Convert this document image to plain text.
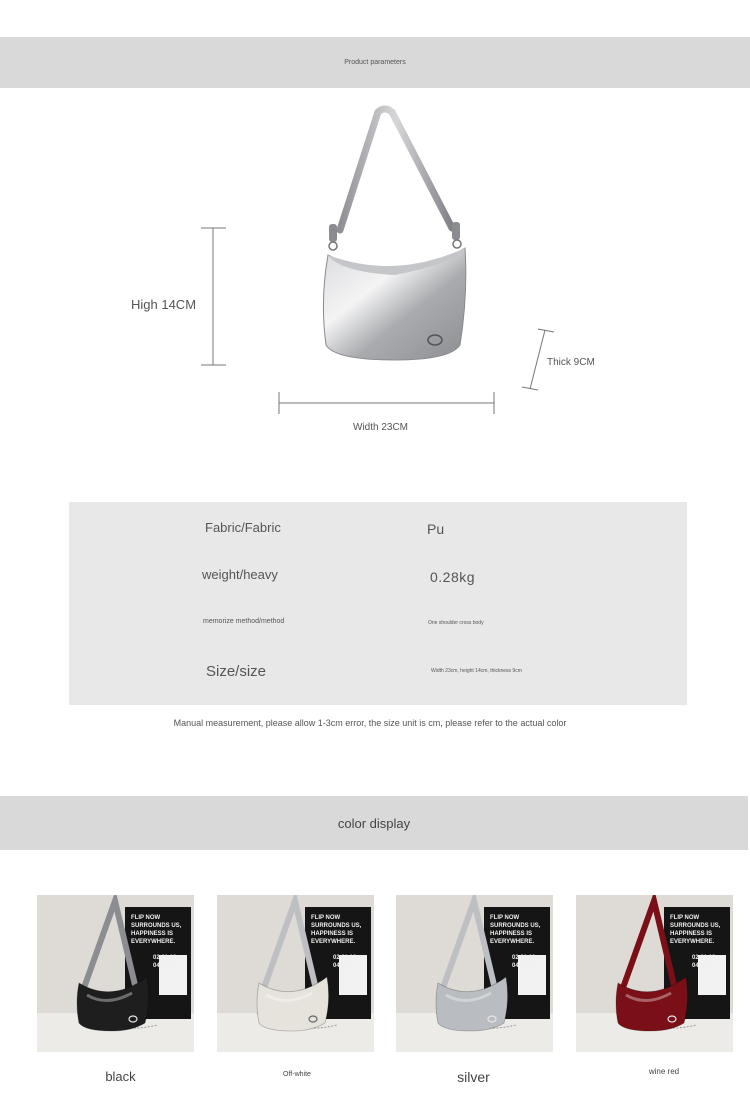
Product parameters
High 14CM
Width 23CM
Thick 9CM
Fabric/Fabric	Pu
weight/heavy	0.28kg
memorize method/method	One shoulder cross body
Size/size	Width 23cm, height 14cm, thickness 9cm
Manual measurement, please allow 1-3cm error, the size unit is cm, please refer to the actual color
color display
FLIP NOW
SURROUNDS US,
HAPPINESS IS
EVERYWHERE.
02 21 19
04 06 82
FLIP NOW
SURROUNDS US,
HAPPINESS IS
EVERYWHERE.
02 21 19
04 06 82
FLIP NOW
SURROUNDS US,
HAPPINESS IS
EVERYWHERE.
02 21 19
04 06 82
FLIP NOW
SURROUNDS US,
HAPPINESS IS
EVERYWHERE.
02 21 19
04 06 82
black	Off-white	silver	wine red
